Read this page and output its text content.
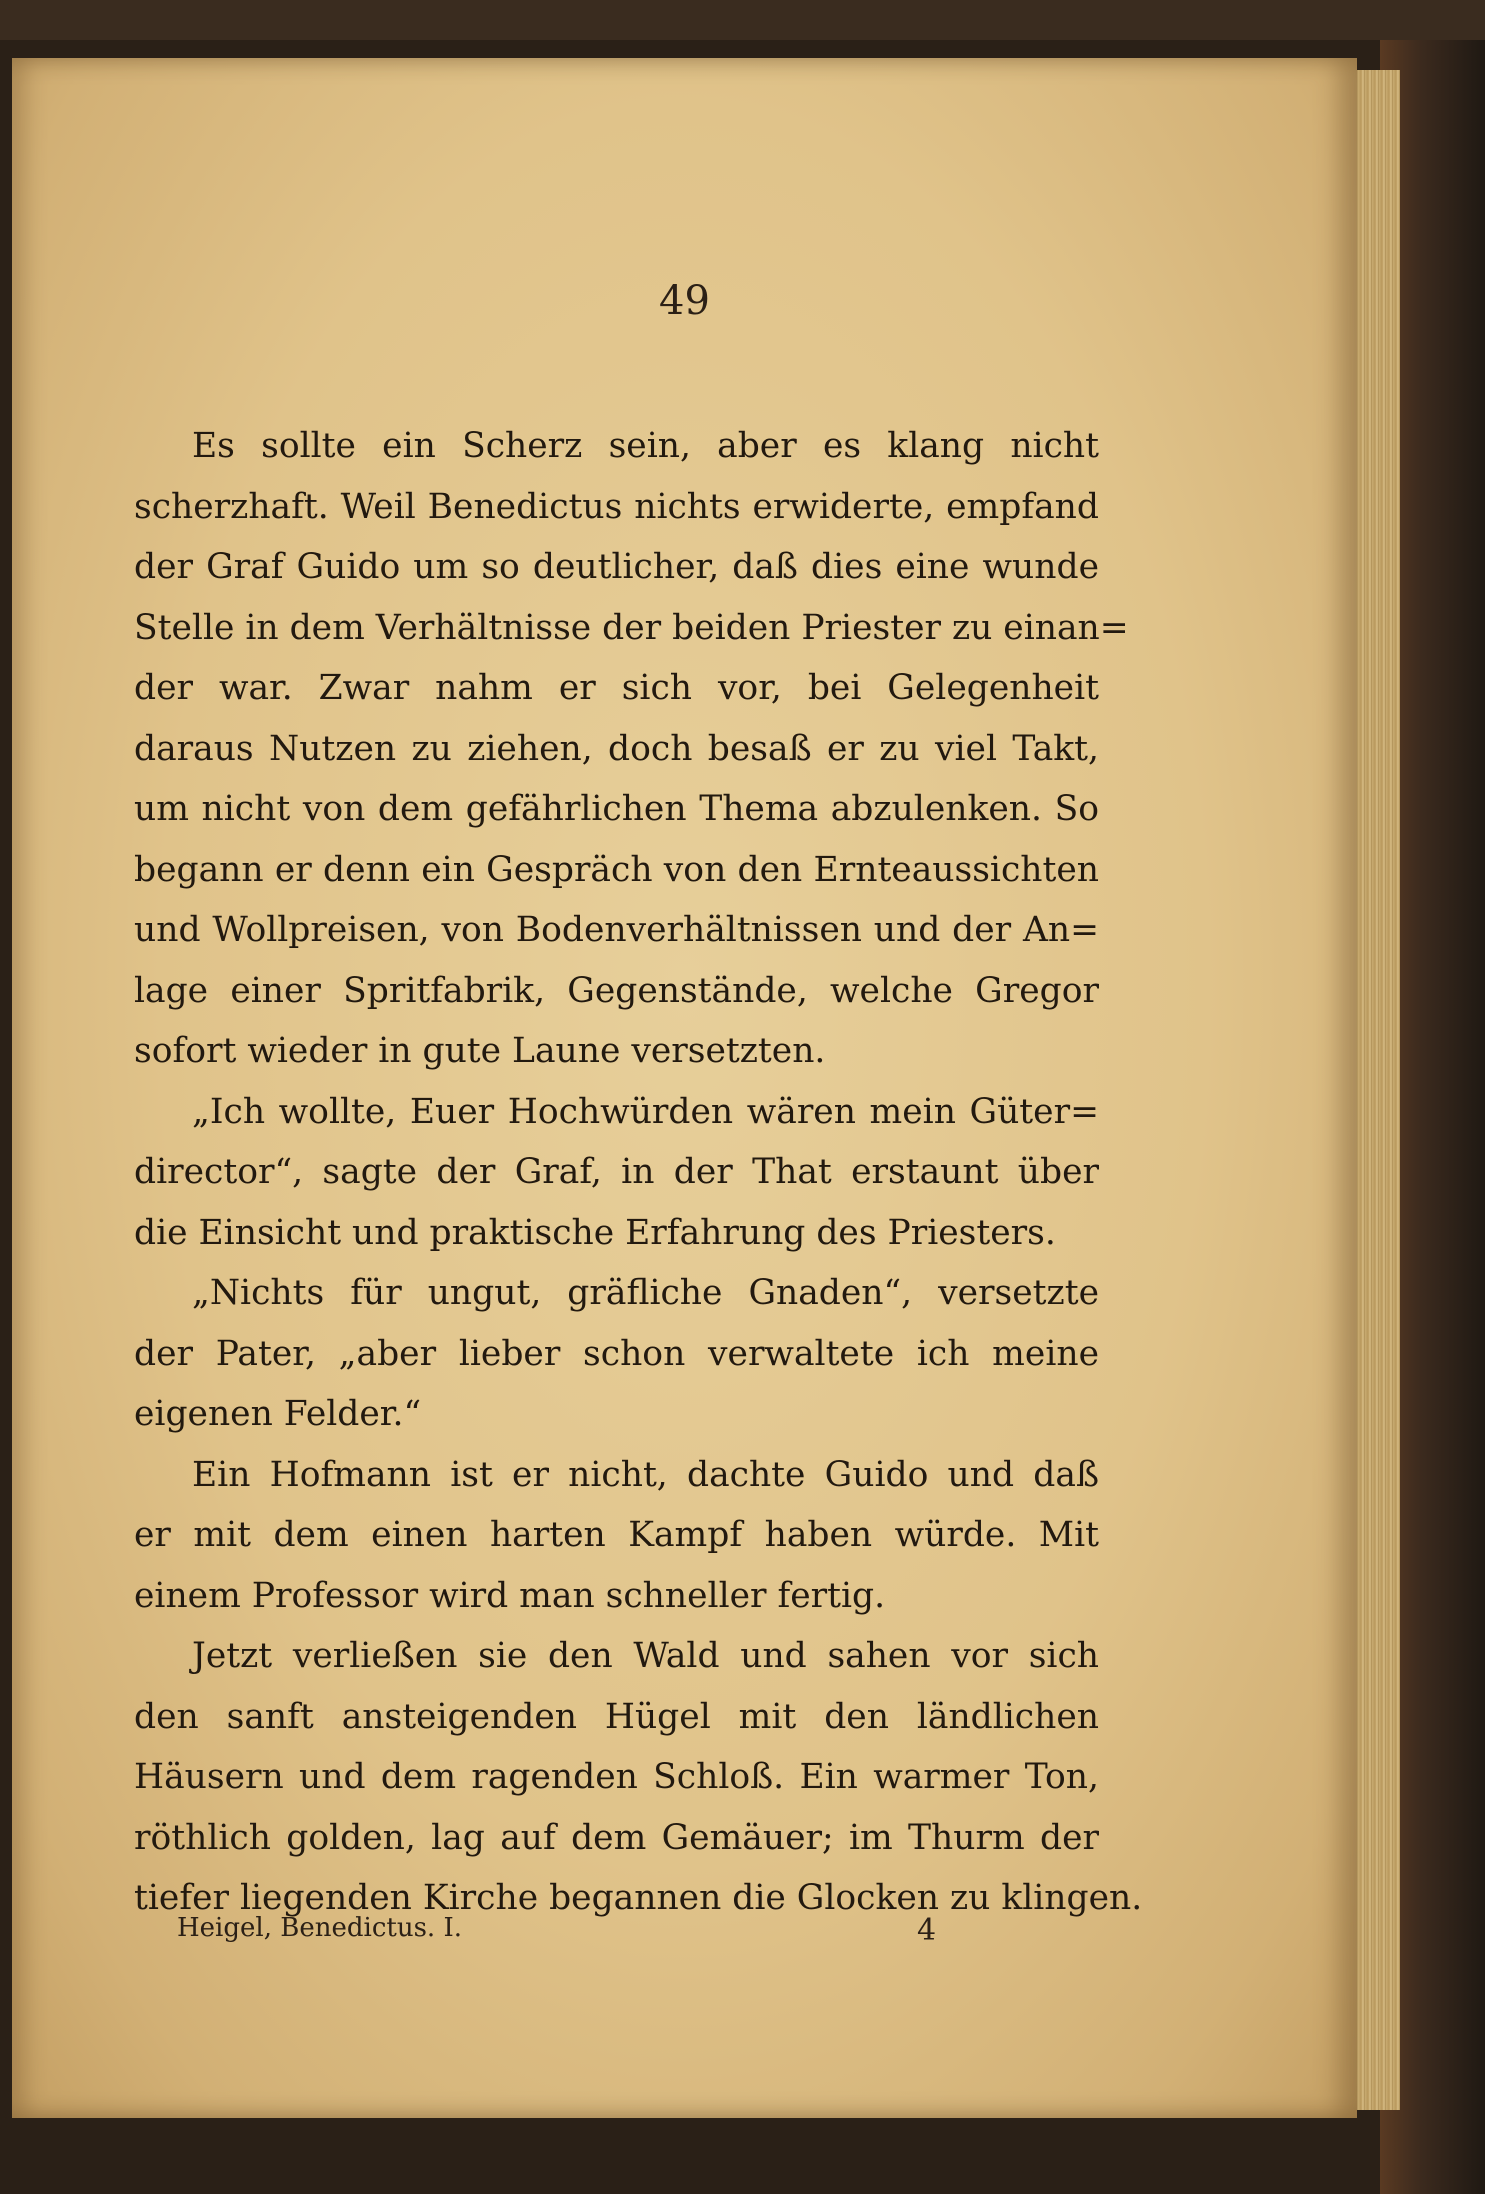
49
Es sollte ein Scherz sein, aber es klang nicht
scherzhaft. Weil Benedictus nichts erwiderte, empfand
der Graf Guido um so deutlicher, daß dies eine wunde
Stelle in dem Verhältnisse der beiden Priester zu einan=
der war. Zwar nahm er sich vor, bei Gelegenheit
daraus Nutzen zu ziehen, doch besaß er zu viel Takt,
um nicht von dem gefährlichen Thema abzulenken. So
begann er denn ein Gespräch von den Ernteaussichten
und Wollpreisen, von Bodenverhältnissen und der An=
lage einer Spritfabrik, Gegenstände, welche Gregor
sofort wieder in gute Laune versetzten.
„Ich wollte, Euer Hochwürden wären mein Güter=
director“, sagte der Graf, in der That erstaunt über
die Einsicht und praktische Erfahrung des Priesters.
„Nichts für ungut, gräfliche Gnaden“, versetzte
der Pater, „aber lieber schon verwaltete ich meine
eigenen Felder.“
Ein Hofmann ist er nicht, dachte Guido und daß
er mit dem einen harten Kampf haben würde. Mit
einem Professor wird man schneller fertig.
Jetzt verließen sie den Wald und sahen vor sich
den sanft ansteigenden Hügel mit den ländlichen
Häusern und dem ragenden Schloß. Ein warmer Ton,
röthlich golden, lag auf dem Gemäuer; im Thurm der
tiefer liegenden Kirche begannen die Glocken zu klingen.
Heigel, Benedictus. I.	4
